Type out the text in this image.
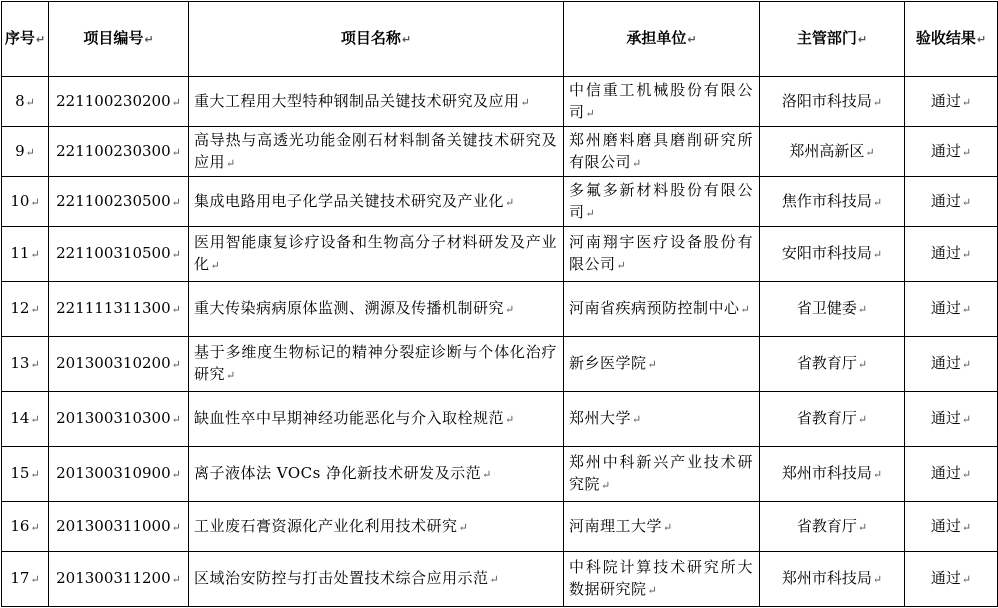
序号↵	项目编号↵	项目名称↵	承担单位↵	主管部门↵	验收结果↵
8↵	221100230200↵	重大工程用大型特种钢制品关键技术研究及应用↵	中信重工机械股份有限公司↵	洛阳市科技局↵	通过↵
9↵	221100230300↵	高导热与高透光功能金刚石材料制备关键技术研究及应用↵	郑州磨料磨具磨削研究所有限公司↵	郑州高新区↵	通过↵
10↵	221100230500↵	集成电路用电子化学品关键技术研究及产业化↵	多氟多新材料股份有限公司↵	焦作市科技局↵	通过↵
11↵	221100310500↵	医用智能康复诊疗设备和生物高分子材料研发及产业化↵	河南翔宇医疗设备股份有限公司↵	安阳市科技局↵	通过↵
12↵	221111311300↵	重大传染病病原体监测、溯源及传播机制研究↵	河南省疾病预防控制中心↵	省卫健委↵	通过↵
13↵	201300310200↵	基于多维度生物标记的精神分裂症诊断与个体化治疗研究↵	新乡医学院↵	省教育厅↵	通过↵
14↵	201300310300↵	缺血性卒中早期神经功能恶化与介入取栓规范↵	郑州大学↵	省教育厅↵	通过↵
15↵	201300310900↵	离子液体法 VOCs 净化新技术研发及示范↵	郑州中科新兴产业技术研究院↵	郑州市科技局↵	通过↵
16↵	201300311000↵	工业废石膏资源化产业化利用技术研究↵	河南理工大学↵	省教育厅↵	通过↵
17↵	201300311200↵	区域治安防控与打击处置技术综合应用示范↵	中科院计算技术研究所大数据研究院↵	郑州市科技局↵	通过↵
